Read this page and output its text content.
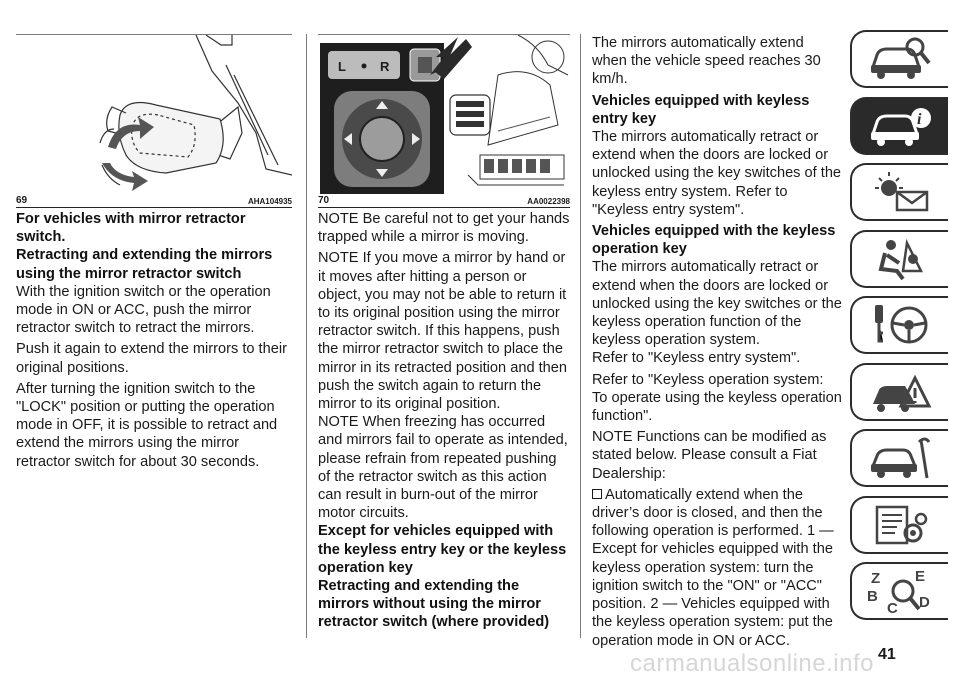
69	AHA104935
For vehicles with mirror retractor switch.
Retracting and extending the mirrors using the mirror retractor switch
With the ignition switch or the operation mode in ON or ACC, push the mirror retractor switch to retract the mirrors.
Push it again to extend the mirrors to their original positions.
After turning the ignition switch to the "LOCK" position or putting the operation mode in OFF, it is possible to retract and extend the mirrors using the mirror retractor switch for about 30 seconds.
L	R
70	AA0022398
NOTE Be careful not to get your hands trapped while a mirror is moving.
NOTE If you move a mirror by hand or it moves after hitting a person or object, you may not be able to return it to its original position using the mirror retractor switch. If this happens, push the mirror retractor switch to place the mirror in its retracted position and then push the switch again to return the mirror to its original position.
NOTE When freezing has occurred and mirrors fail to operate as intended, please refrain from repeated pushing of the retractor switch as this action can result in burn-out of the mirror motor circuits.
Except for vehicles equipped with the keyless entry key or the keyless operation key
Retracting and extending the mirrors without using the mirror retractor switch (where provided)
The mirrors automatically extend when the vehicle speed reaches 30 km/h.
Vehicles equipped with keyless entry key
The mirrors automatically retract or extend when the doors are locked or unlocked using the key switches of the keyless entry system. Refer to "Keyless entry system".
Vehicles equipped with the keyless operation key
The mirrors automatically retract or extend when the doors are locked or unlocked using the key switches or the keyless operation function of the keyless operation system.
Refer to "Keyless entry system".
Refer to "Keyless operation system: To operate using the keyless operation function".
NOTE Functions can be modified as stated below. Please consult a Fiat Dealership:
Automatically extend when the driver’s door is closed, and then the following operation is performed. 1 — Except for vehicles equipped with the keyless operation system: turn the ignition switch to the "ON" or "ACC" position. 2 — Vehicles equipped with the keyless operation system: put the operation mode in ON or ACC.
i
Z E
B
C D
carmanualsonline.info 41
